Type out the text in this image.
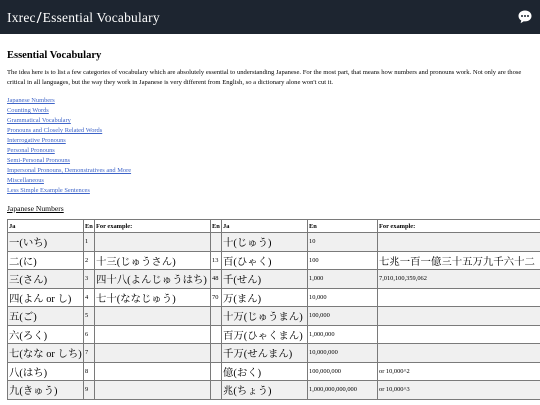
Ixrec/Essential Vocabulary
Essential Vocabulary

The idea here is to list a few categories of vocabulary which are absolutely essential to understanding Japanese. For the most part, that means how numbers and pronouns work. Not only are those critical in all languages, but the way they work in Japanese is very different from English, so a dictionary alone won't cut it.

Japanese Numbers
Counting Words
Grammatical Vocabulary
Pronouns and Closely Related Words
Interrogative Pronouns
Personal Pronouns
Semi-Personal Pronouns
Impersonal Pronouns, Demonstratives and More
Miscellaneous
Less Simple Example Sentences
Japanese Numbers
Ja	En	For example:	En	Ja	En	For example:
一(いち)	1			十(じゅう)	10	
二(に)	2	十三(じゅうさん)	13	百(ひゃく)	100	七兆一百一億三十五万九千六十二
三(さん)	3	四十八(よんじゅうはち)	48	千(せん)	1,000	7,010,100,359,062
四(よん or し)	4	七十(ななじゅう)	70	万(まん)	10,000	
五(ご)	5			十万(じゅうまん)	100,000	
六(ろく)	6			百万(ひゃくまん)	1,000,000	
七(なな or しち)	7			千万(せんまん)	10,000,000	
八(はち)	8			億(おく)	100,000,000	or 10,000^2
九(きゅう)	9			兆(ちょう)	1,000,000,000,000	or 10,000^3
